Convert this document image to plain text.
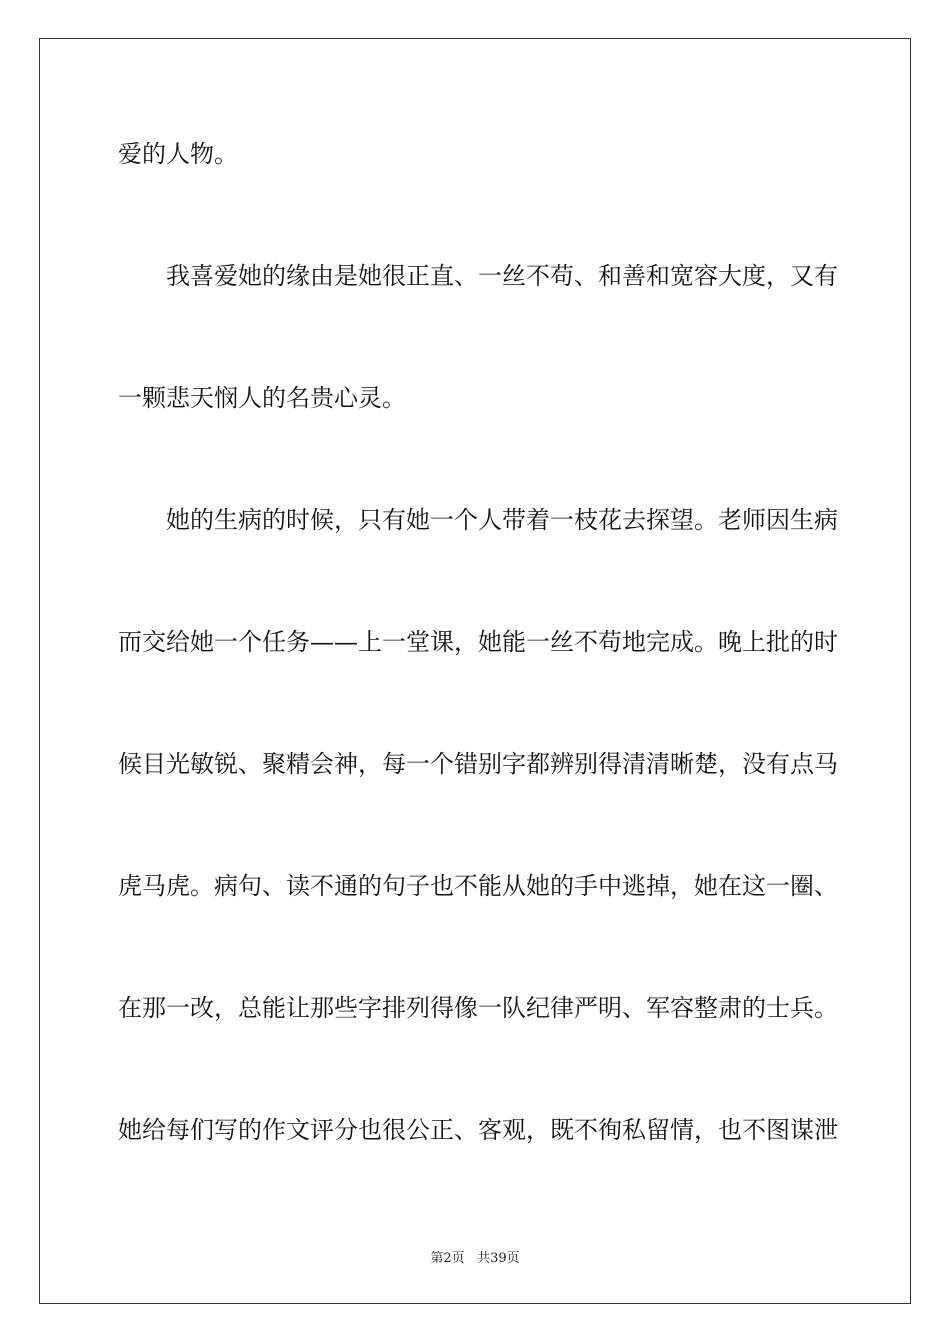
爱的人物。
我喜爱她的缘由是她很正直、一丝不苟、和善和宽容大度，又有
一颗悲天悯人的名贵心灵。
她的生病的时候，只有她一个人带着一枝花去探望。老师因生病
而交给她一个任务——上一堂课，她能一丝不苟地完成。晚上批的时
候目光敏锐、聚精会神，每一个错别字都辨别得清清晰楚，没有点马
虎马虎。病句、读不通的句子也不能从她的手中逃掉，她在这一圈、
在那一改，总能让那些字排列得像一队纪律严明、军容整肃的士兵。
她给每们写的作文评分也很公正、客观，既不徇私留情，也不图谋泄
第2页 共39页
